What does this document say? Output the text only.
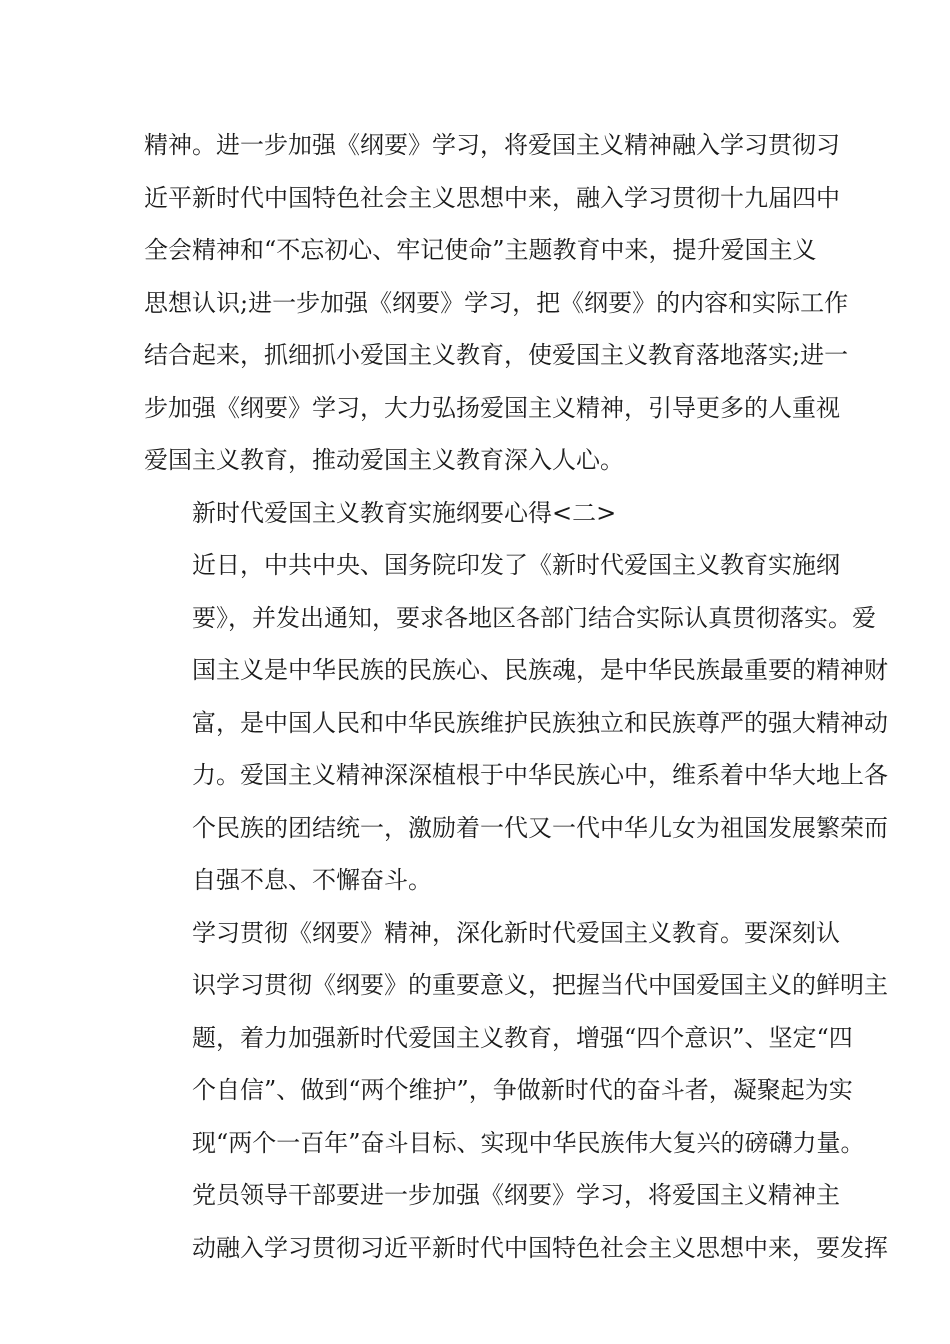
精神。进一步加强《纲要》学习，将爱国主义精神融入学习贯彻习
近平新时代中国特色社会主义思想中来，融入学习贯彻十九届四中
全会精神和“不忘初心、牢记使命”主题教育中来，提升爱国主义
思想认识;进一步加强《纲要》学习，把《纲要》的内容和实际工作
结合起来，抓细抓小爱国主义教育，使爱国主义教育落地落实;进一
步加强《纲要》学习，大力弘扬爱国主义精神，引导更多的人重视
爱国主义教育，推动爱国主义教育深入人心。

新时代爱国主义教育实施纲要心得<二>

近日，中共中央、国务院印发了《新时代爱国主义教育实施纲
要》，并发出通知，要求各地区各部门结合实际认真贯彻落实。爱
国主义是中华民族的民族心、民族魂，是中华民族最重要的精神财
富，是中国人民和中华民族维护民族独立和民族尊严的强大精神动
力。爱国主义精神深深植根于中华民族心中，维系着中华大地上各
个民族的团结统一，激励着一代又一代中华儿女为祖国发展繁荣而
自强不息、不懈奋斗。

学习贯彻《纲要》精神，深化新时代爱国主义教育。要深刻认
识学习贯彻《纲要》的重要意义，把握当代中国爱国主义的鲜明主
题，着力加强新时代爱国主义教育，增强“四个意识”、坚定“四
个自信”、做到“两个维护”，争做新时代的奋斗者，凝聚起为实
现“两个一百年”奋斗目标、实现中华民族伟大复兴的磅礴力量。

党员领导干部要进一步加强《纲要》学习，将爱国主义精神主
动融入学习贯彻习近平新时代中国特色社会主义思想中来，要发挥
